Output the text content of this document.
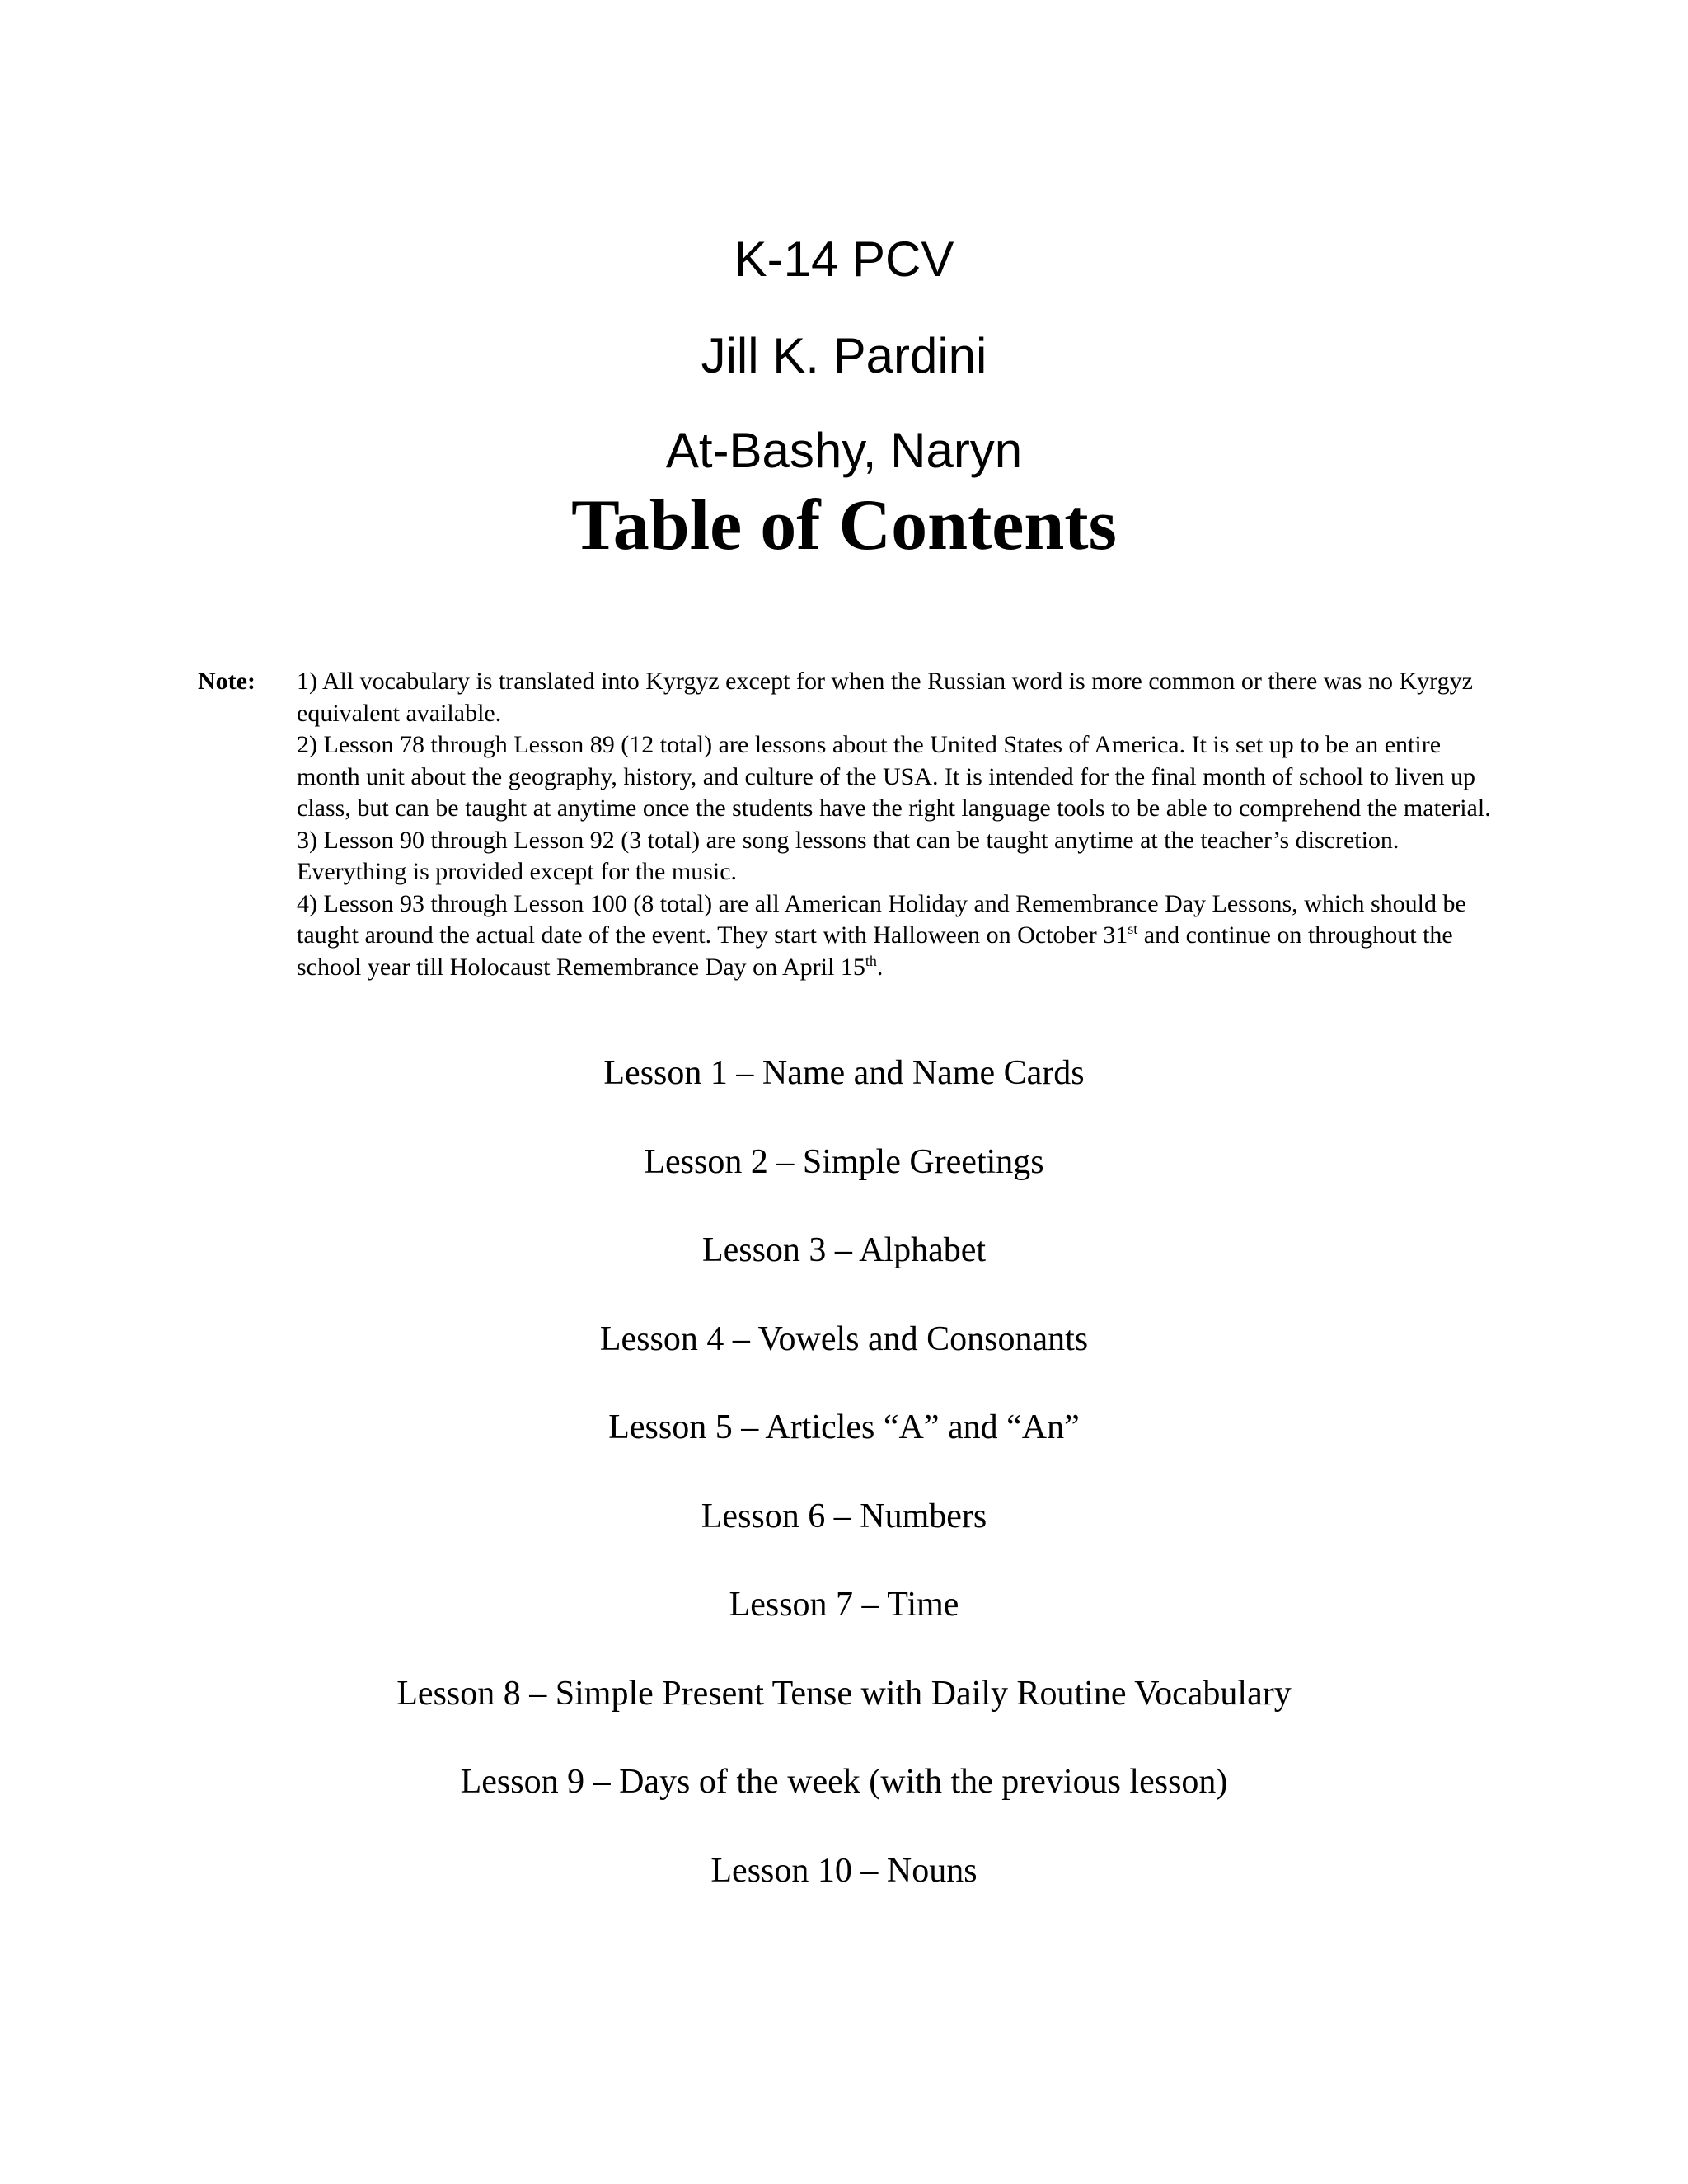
K-14 PCV
Jill K. Pardini
At-Bashy, Naryn
Table of Contents
Note: 1) All vocabulary is translated into Kyrgyz except for when the Russian word is more common or there was no Kyrgyz equivalent available.

2) Lesson 78 through Lesson 89 (12 total) are lessons about the United States of America. It is set up to be an entire month unit about the geography, history, and culture of the USA. It is intended for the final month of school to liven up class, but can be taught at anytime once the students have the right language tools to be able to comprehend the material.

3) Lesson 90 through Lesson 92 (3 total) are song lessons that can be taught anytime at the teacher’s discretion. Everything is provided except for the music.

4) Lesson 93 through Lesson 100 (8 total) are all American Holiday and Remembrance Day Lessons, which should be taught around the actual date of the event. They start with Halloween on October 31st and continue on throughout the school year till Holocaust Remembrance Day on April 15th.

Lesson 1 – Name and Name Cards
Lesson 2 – Simple Greetings
Lesson 3 – Alphabet
Lesson 4 – Vowels and Consonants
Lesson 5 – Articles “A” and “An”
Lesson 6 – Numbers
Lesson 7 – Time
Lesson 8 – Simple Present Tense with Daily Routine Vocabulary
Lesson 9 – Days of the week (with the previous lesson)
Lesson 10 – Nouns
